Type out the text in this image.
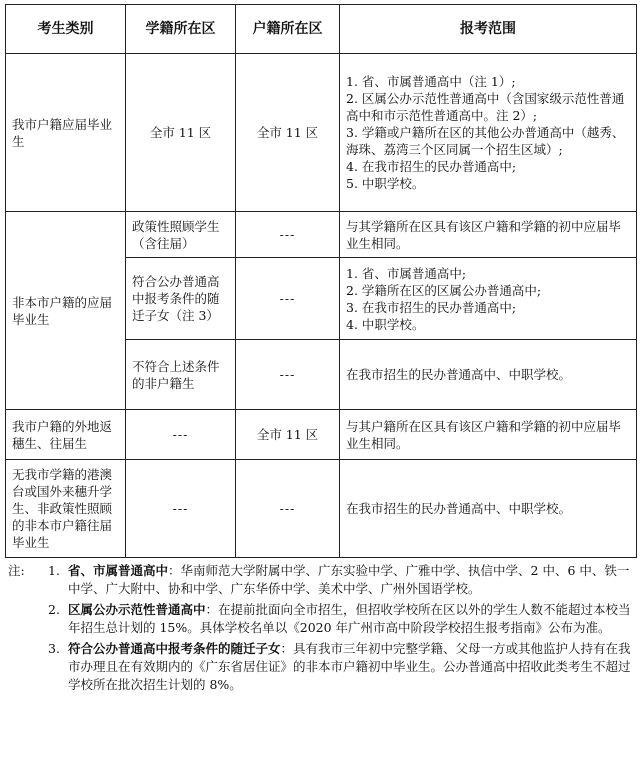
考生类别	学籍所在区	户籍所在区	报考范围
我市户籍应届毕业生	全市 11 区	全市 11 区	1. 省、市属普通高中（注 1）;
2. 区属公办示范性普通高中（含国家级示范性普通高中和市示范性普通高中。注 2）;
3. 学籍或户籍所在区的其他公办普通高中（越秀、海珠、荔湾三个区同属一个招生区域）;
4. 在我市招生的民办普通高中;
5. 中职学校。

非本市户籍的应届毕业生	政策性照顾学生（含往届）	---	与其学籍所在区具有该区户籍和学籍的初中应届毕业生相同。
	符合公办普通高中报考条件的随迁子女（注 3）	---	1. 省、市属普通高中;
2. 学籍所在区的区属公办普通高中;
3. 在我市招生的民办普通高中;
4. 中职学校。

	不符合上述条件的非户籍生	---	在我市招生的民办普通高中、中职学校。
我市户籍的外地返穗生、往届生	---	全市 11 区	与其户籍所在区具有该区户籍和学籍的初中应届毕业生相同。
无我市学籍的港澳台或国外来穗升学生、非政策性照顾的非本市户籍往届毕业生	---	---	在我市招生的民办普通高中、中职学校。
注:	1. 省、市属普通高中：华南师范大学附属中学、广东实验中学、广雅中学、执信中学、2 中、6 中、铁一中学、广大附中、协和中学、广东华侨中学、美术中学、广州外国语学校。
2. 区属公办示范性普通高中：在提前批面向全市招生，但招收学校所在区以外的学生人数不能超过本校当年招生总计划的 15%。具体学校名单以《2020 年广州市高中阶段学校招生报考指南》公布为准。
3. 符合公办普通高中报考条件的随迁子女：具有我市三年初中完整学籍、父母一方或其他监护人持有在我市办理且在有效期内的《广东省居住证》的非本市户籍初中毕业生。公办普通高中招收此类考生不超过学校所在批次招生计划的 8%。
